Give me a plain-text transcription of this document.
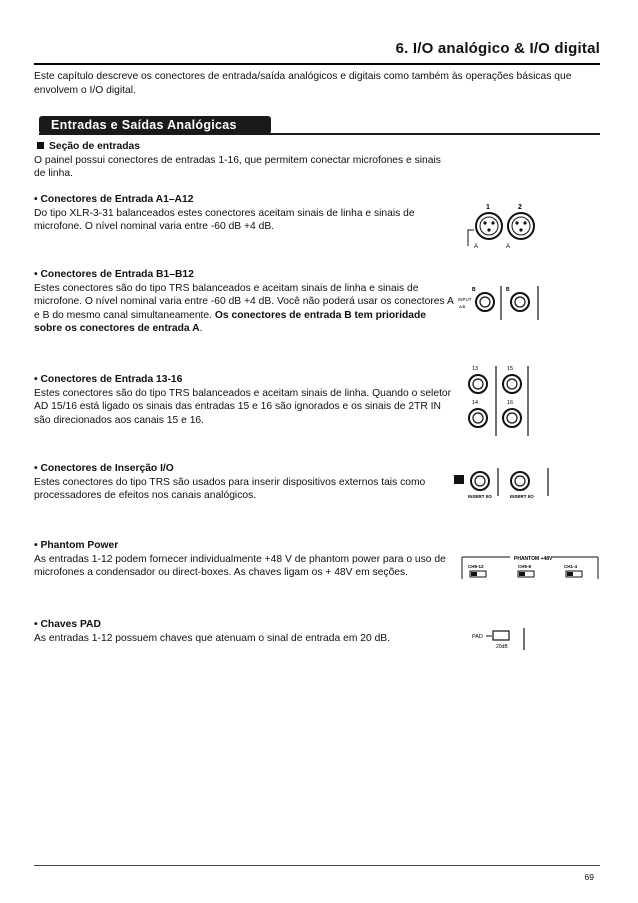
6. I/O analógico & I/O digital
Este capítulo descreve os conectores de entrada/saída analógicos e digitais como também às operações básicas que envolvem o I/O digital.
Entradas e Saídas Analógicas
Seção de entradas
O painel possui conectores de entradas 1-16, que permitem conectar microfones e sinais de linha.
• Conectores de Entrada A1–A12
Do tipo XLR-3-31 balanceados estes conectores aceitam sinais de linha e sinais de microfone. O nível nominal varia entre -60 dB +4 dB.
1	2
A	A
• Conectores de Entrada B1–B12
Estes conectores são do tipo TRS balanceados e aceitam sinais de linha e sinais de microfone. O nível nominal varia entre -60 dB +4 dB. Você não poderá usar os conectores A e B do mesmo canal simultaneamente. Os conectores de entrada B tem prioridade sobre os conectores de entrada A.
B
INPUT
A/B
B
• Conectores de Entrada 13-16
Estes conectores são do tipo TRS balanceados e aceitam sinais de linha. Quando o seletor AD 15/16 está ligado os sinais das entradas 15 e 16 são ignorados e os sinais de 2TR IN são direcionados aos canais 15 e 16.
13	15
14	16
• Conectores de Inserção I/O
Estes conectores do tipo TRS são usados para inserir dispositivos externos tais como processadores de efeitos nos canais analógicos.	INSERT I/O	INSERT I/O
• Phantom Power
As entradas 1-12 podem fornecer individualmente +48 V de phantom power para o uso de microfones a condensador ou direct-boxes. As chaves ligam os + 48V em seções.
PHANTOM +48V
CH9-12	CH5-8	CH1-4
• Chaves PAD
As entradas 1-12 possuem chaves que atenuam o sinal de entrada em 20 dB.	PAD
20dB
69
